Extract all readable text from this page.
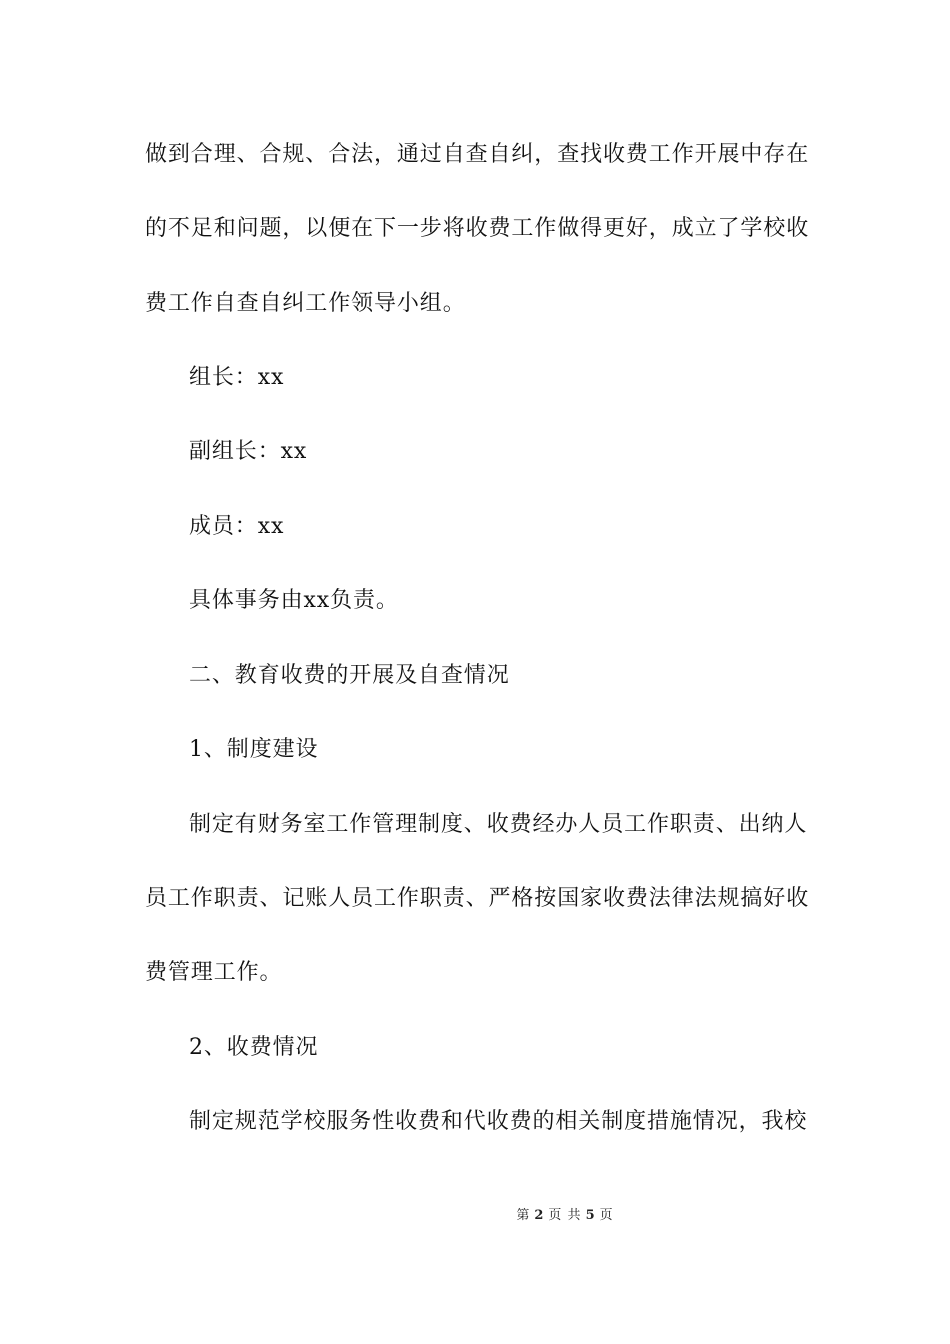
做到合理、合规、合法，通过自查自纠，查找收费工作开展中存在
的不足和问题，以便在下一步将收费工作做得更好，成立了学校收
费工作自查自纠工作领导小组。
组长：xx
副组长：xx
成员：xx
具体事务由xx负责。
二、教育收费的开展及自查情况
1、制度建设
制定有财务室工作管理制度、收费经办人员工作职责、出纳人
员工作职责、记账人员工作职责、严格按国家收费法律法规搞好收
费管理工作。
2、收费情况
制定规范学校服务性收费和代收费的相关制度措施情况，我校
第 2 页 共 5 页
